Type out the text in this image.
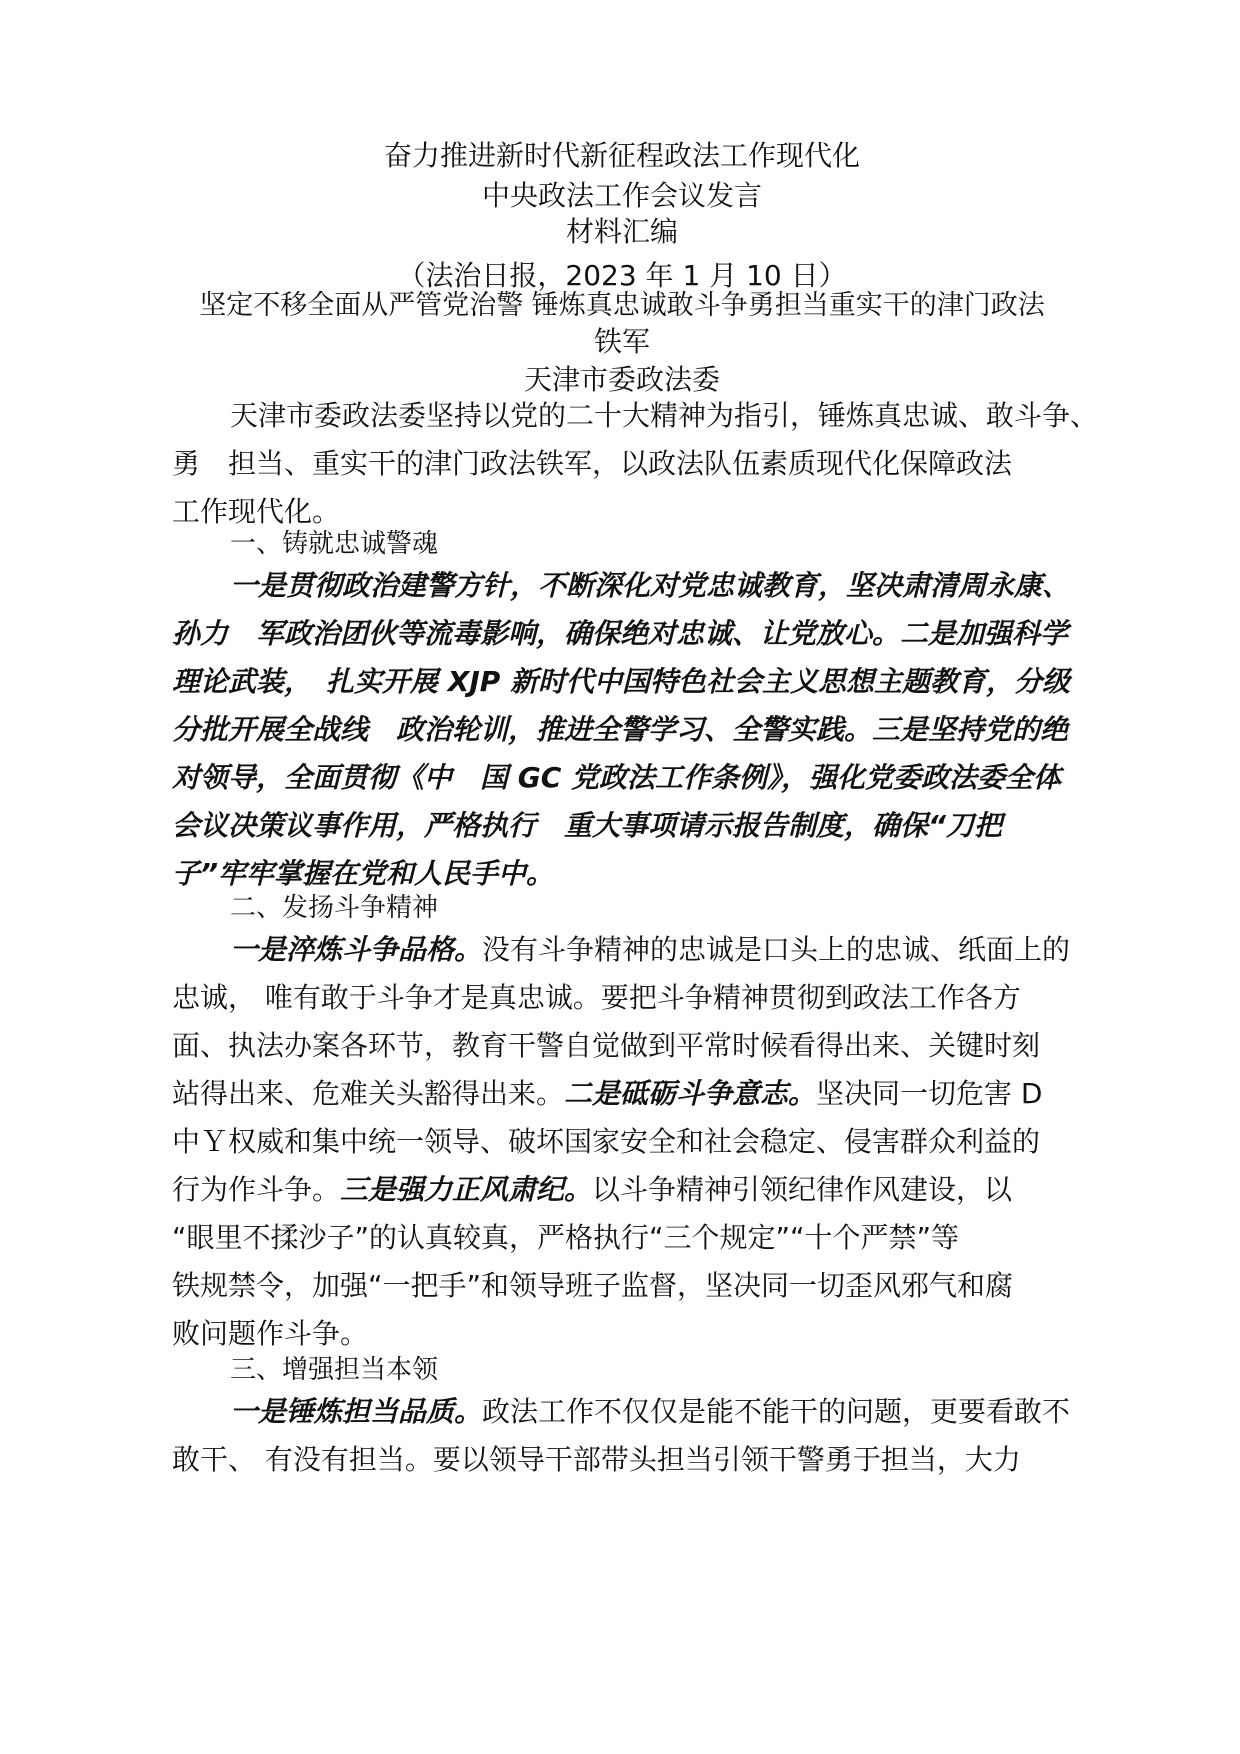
奋力推进新时代新征程政法工作现代化
中央政法工作会议发言
材料汇编
（法治日报，2023 年 1 月 10 日）
坚定不移全面从严管党治警 锤炼真忠诚敢斗争勇担当重实干的津门政法
铁军
天津市委政法委
天津市委政法委坚持以党的二十大精神为指引，锤炼真忠诚、敢斗争、
勇　担当、重实干的津门政法铁军，以政法队伍素质现代化保障政法
工作现代化。
一、铸就忠诚警魂
一是贯彻政治建警方针，不断深化对党忠诚教育，坚决肃清周永康、
孙力　军政治团伙等流毒影响，确保绝对忠诚、让党放心。二是加强科学
理论武装，　扎实开展 XJP 新时代中国特色社会主义思想主题教育，分级
分批开展全战线　政治轮训，推进全警学习、全警实践。三是坚持党的绝
对领导，全面贯彻《中　国 GC 党政法工作条例》，强化党委政法委全体
会议决策议事作用，严格执行　重大事项请示报告制度，确保“刀把
子”牢牢掌握在党和人民手中。
二、发扬斗争精神
一是淬炼斗争品格。没有斗争精神的忠诚是口头上的忠诚、纸面上的
忠诚， 唯有敢于斗争才是真忠诚。要把斗争精神贯彻到政法工作各方
面、执法办案各环节，教育干警自觉做到平常时候看得出来、关键时刻
站得出来、危难关头豁得出来。二是砥砺斗争意志。坚决同一切危害 D
中Ｙ权威和集中统一领导、破坏国家安全和社会稳定、侵害群众利益的
行为作斗争。三是强力正风肃纪。以斗争精神引领纪律作风建设，以
“眼里不揉沙子”的认真较真，严格执行“三个规定”“十个严禁”等
铁规禁令，加强“一把手”和领导班子监督，坚决同一切歪风邪气和腐
败问题作斗争。
三、增强担当本领
一是锤炼担当品质。政法工作不仅仅是能不能干的问题，更要看敢不
敢干、 有没有担当。要以领导干部带头担当引领干警勇于担当，大力
